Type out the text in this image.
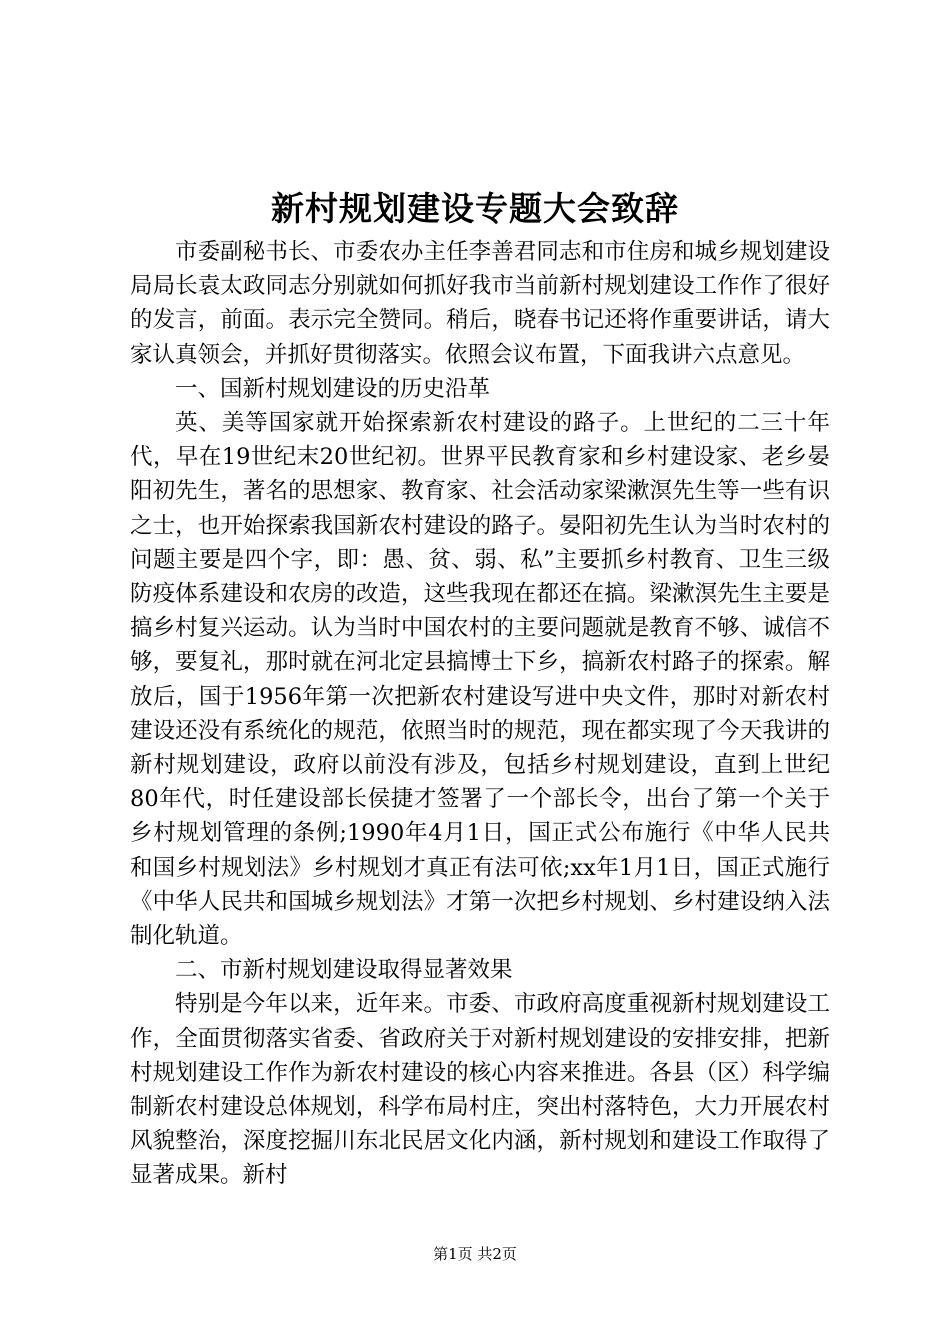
新村规划建设专题大会致辞

市委副秘书长、市委农办主任李善君同志和市住房和城乡规划建设局局长袁太政同志分别就如何抓好我市当前新村规划建设工作作了很好的发言，前面。表示完全赞同。稍后，晓春书记还将作重要讲话，请大家认真领会，并抓好贯彻落实。依照会议布置，下面我讲六点意见。

一、国新村规划建设的历史沿革

英、美等国家就开始探索新农村建设的路子。上世纪的二三十年代，早在19世纪末20世纪初。世界平民教育家和乡村建设家、老乡晏阳初先生，著名的思想家、教育家、社会活动家梁漱溟先生等一些有识之士，也开始探索我国新农村建设的路子。晏阳初先生认为当时农村的问题主要是四个字，即：愚、贫、弱、私”主要抓乡村教育、卫生三级防疫体系建设和农房的改造，这些我现在都还在搞。梁漱溟先生主要是搞乡村复兴运动。认为当时中国农村的主要问题就是教育不够、诚信不够，要复礼，那时就在河北定县搞博士下乡，搞新农村路子的探索。解放后，国于1956年第一次把新农村建设写进中央文件，那时对新农村建设还没有系统化的规范，依照当时的规范，现在都实现了今天我讲的新村规划建设，政府以前没有涉及，包括乡村规划建设，直到上世纪80年代，时任建设部长侯捷才签署了一个部长令，出台了第一个关于乡村规划管理的条例;1990年4月1日，国正式公布施行《中华人民共和国乡村规划法》乡村规划才真正有法可依;xx年1月1日，国正式施行《中华人民共和国城乡规划法》才第一次把乡村规划、乡村建设纳入法制化轨道。

二、市新村规划建设取得显著效果

特别是今年以来，近年来。市委、市政府高度重视新村规划建设工作，全面贯彻落实省委、省政府关于对新村规划建设的安排安排，把新村规划建设工作作为新农村建设的核心内容来推进。各县（区）科学编制新农村建设总体规划，科学布局村庄，突出村落特色，大力开展农村风貌整治，深度挖掘川东北民居文化内涵，新村规划和建设工作取得了显著成果。新村

第1页 共2页
